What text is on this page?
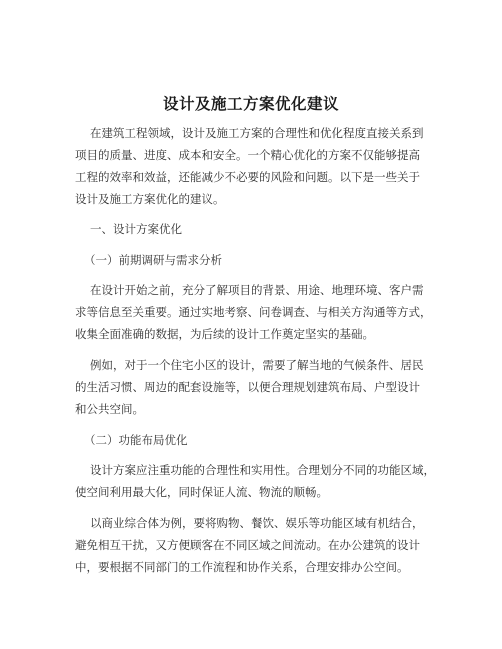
设计及施工方案优化建议
在建筑工程领域，设计及施工方案的合理性和优化程度直接关系到
项目的质量、进度、成本和安全。一个精心优化的方案不仅能够提高
工程的效率和效益，还能减少不必要的风险和问题。以下是一些关于
设计及施工方案优化的建议。
一、设计方案优化
（一）前期调研与需求分析
在设计开始之前，充分了解项目的背景、用途、地理环境、客户需
求等信息至关重要。通过实地考察、问卷调查、与相关方沟通等方式，
收集全面准确的数据，为后续的设计工作奠定坚实的基础。
例如，对于一个住宅小区的设计，需要了解当地的气候条件、居民
的生活习惯、周边的配套设施等，以便合理规划建筑布局、户型设计
和公共空间。
（二）功能布局优化
设计方案应注重功能的合理性和实用性。合理划分不同的功能区域，
使空间利用最大化，同时保证人流、物流的顺畅。
以商业综合体为例，要将购物、餐饮、娱乐等功能区域有机结合，
避免相互干扰，又方便顾客在不同区域之间流动。在办公建筑的设计
中，要根据不同部门的工作流程和协作关系，合理安排办公空间。
